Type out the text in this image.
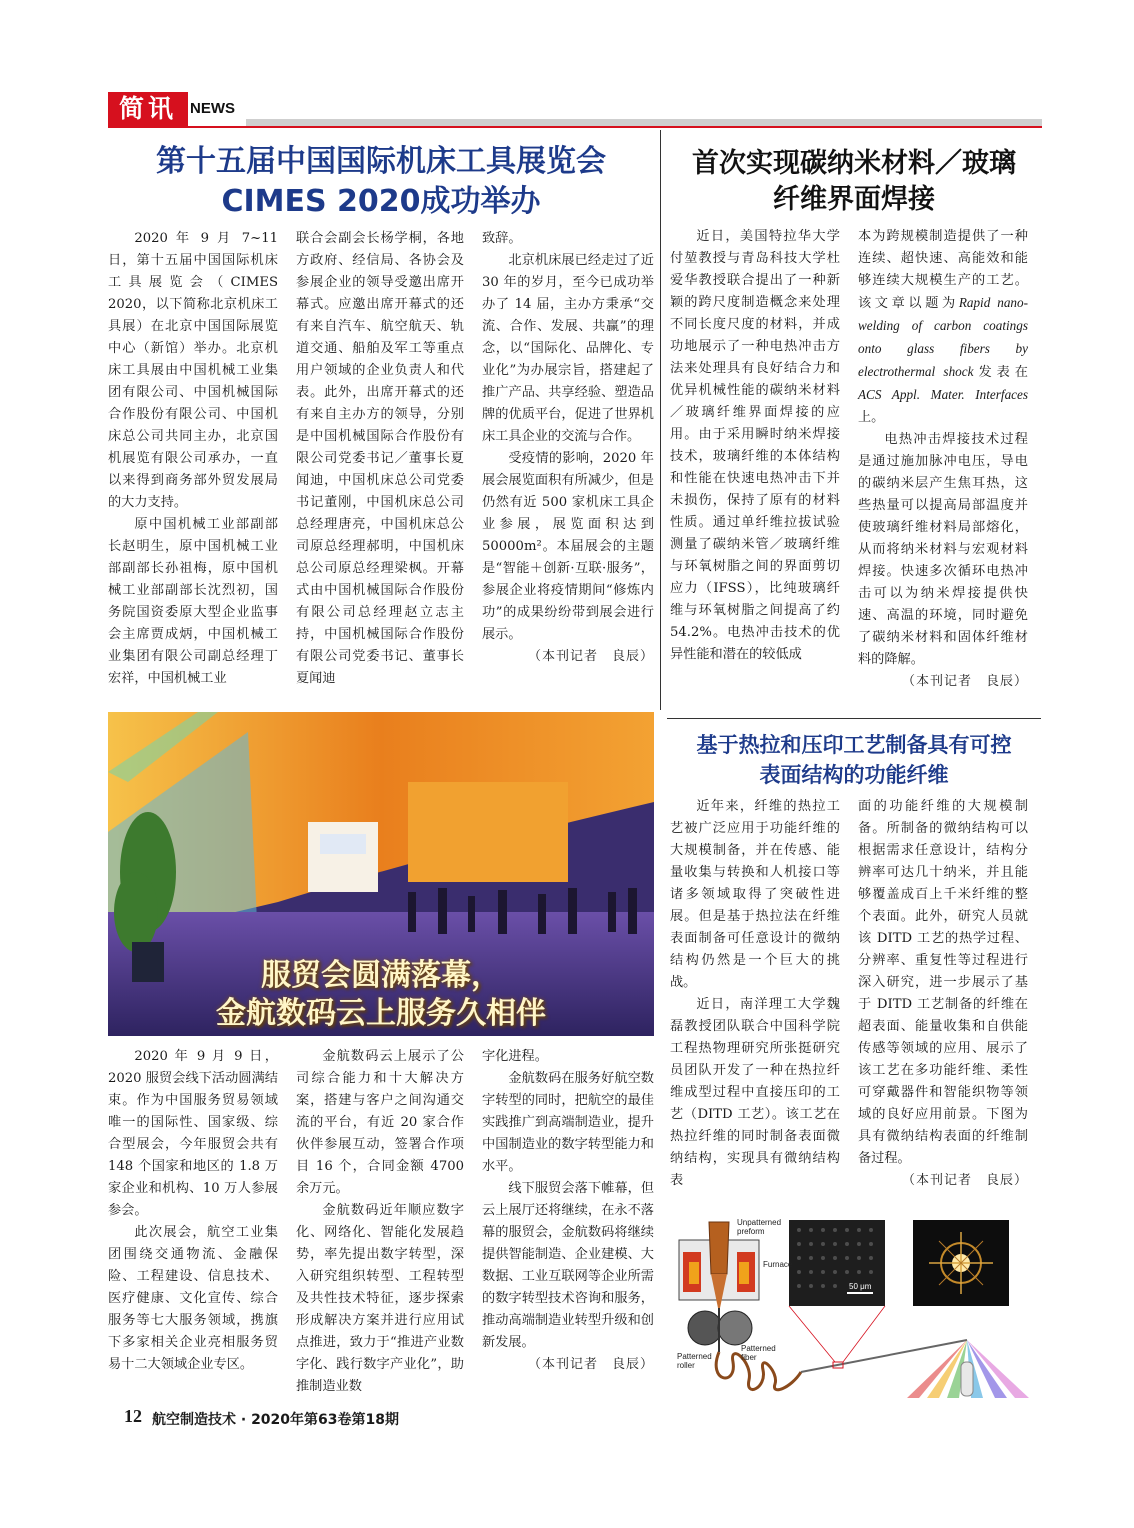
简讯 NEWS
第十五届中国国际机床工具展览会
CIMES 2020成功举办

2020 年 9 月 7~11 日，第十五届中国国际机床工具展览会（CIMES 2020，以下简称北京机床工具展）在北京中国国际展览中心（新馆）举办。北京机床工具展由中国机械工业集团有限公司、中国机械国际合作股份有限公司、中国机床总公司共同主办，北京国机展览有限公司承办，一直以来得到商务部外贸发展局的大力支持。

原中国机械工业部副部长赵明生，原中国机械工业部副部长孙祖梅，原中国机械工业部副部长沈烈初，国务院国资委原大型企业监事会主席贾成炳，中国机械工业集团有限公司副总经理丁宏祥，中国机械工业

联合会副会长杨学桐，各地方政府、经信局、各协会及参展企业的领导受邀出席开幕式。应邀出席开幕式的还有来自汽车、航空航天、轨道交通、船舶及军工等重点用户领域的企业负责人和代表。此外，出席开幕式的还有来自主办方的领导，分别是中国机械国际合作股份有限公司党委书记／董事长夏闻迪，中国机床总公司党委书记董刚，中国机床总公司总经理唐亮，中国机床总公司原总经理郝明，中国机床总公司原总经理梁枫。开幕式由中国机械国际合作股份有限公司总经理赵立志主持，中国机械国际合作股份有限公司党委书记、董事长夏闻迪

致辞。

北京机床展已经走过了近 30 年的岁月，至今已成功举办了 14 届，主办方秉承“交流、合作、发展、共赢”的理念，以“国际化、品牌化、专业化”为办展宗旨，搭建起了推广产品、共享经验、塑造品牌的优质平台，促进了世界机床工具企业的交流与合作。

受疫情的影响，2020 年展会展览面积有所减少，但是仍然有近 500 家机床工具企业参展，展览面积达到 50000m²。本届展会的主题是“智能＋创新·互联·服务”，参展企业将疫情期间“修炼内功”的成果纷纷带到展会进行展示。

（本刊记者　良辰）
首次实现碳纳米材料／玻璃
纤维界面焊接

近日，美国特拉华大学付堃教授与青岛科技大学杜爱华教授联合提出了一种新颖的跨尺度制造概念来处理不同长度尺度的材料，并成功地展示了一种电热冲击方法来处理具有良好结合力和优异机械性能的碳纳米材料／玻璃纤维界面焊接的应用。由于采用瞬时纳米焊接技术，玻璃纤维的本体结构和性能在快速电热冲击下并未损伤，保持了原有的材料性质。通过单纤维拉拔试验测量了碳纳米管／玻璃纤维与环氧树脂之间的界面剪切应力（IFSS），比纯玻璃纤维与环氧树脂之间提高了约 54.2%。电热冲击技术的优异性能和潜在的较低成

本为跨规模制造提供了一种连续、超快速、高能效和能够连续大规模生产的工艺。该文章以题为Rapid nano-welding of carbon coatings onto glass fibers by electrothermal shock发表在ACS Appl. Mater. Interfaces上。

电热冲击焊接技术过程是通过施加脉冲电压，导电的碳纳米层产生焦耳热，这些热量可以提高局部温度并使玻璃纤维材料局部熔化，从而将纳米材料与宏观材料焊接。快速多次循环电热冲击可以为纳米焊接提供快速、高温的环境，同时避免了碳纳米材料和固体纤维材料的降解。

（本刊记者　良辰）
基于热拉和压印工艺制备具有可控
表面结构的功能纤维

近年来，纤维的热拉工艺被广泛应用于功能纤维的大规模制备，并在传感、能量收集与转换和人机接口等诸多领域取得了突破性进展。但是基于热拉法在纤维表面制备可任意设计的微纳结构仍然是一个巨大的挑战。

近日，南洋理工大学魏磊教授团队联合中国科学院工程热物理研究所张挺研究员团队开发了一种在热拉纤维成型过程中直接压印的工艺（DITD 工艺）。该工艺在热拉纤维的同时制备表面微纳结构，实现具有微纳结构表

面的功能纤维的大规模制备。所制备的微纳结构可以根据需求任意设计，结构分辨率可达几十纳米，并且能够覆盖成百上千米纤维的整个表面。此外，研究人员就该 DITD 工艺的热学过程、分辨率、重复性等过程进行深入研究，进一步展示了基于 DITD 工艺制备的纤维在超表面、能量收集和自供能传感等领域的应用、展示了该工艺在多功能纤维、柔性可穿戴器件和智能织物等领域的良好应用前景。下图为具有微纳结构表面的纤维制备过程。

（本刊记者　良辰）
Unpatterned preform
Furnace
Patterned roller
Patterned fiber
50 μm
服贸会圆满落幕，
金航数码云上服务久相伴

2020 年 9 月 9 日，2020 服贸会线下活动圆满结束。作为中国服务贸易领域唯一的国际性、国家级、综合型展会，今年服贸会共有 148 个国家和地区的 1.8 万家企业和机构、10 万人参展参会。

此次展会，航空工业集团围绕交通物流、金融保险、工程建设、信息技术、医疗健康、文化宣传、综合服务等七大服务领域，携旗下多家相关企业亮相服务贸易十二大领域企业专区。

金航数码云上展示了公司综合能力和十大解决方案，搭建与客户之间沟通交流的平台，有近 20 家合作伙伴参展互动，签署合作项目 16 个，合同金额 4700 余万元。

金航数码近年顺应数字化、网络化、智能化发展趋势，率先提出数字转型，深入研究组织转型、工程转型及共性技术特征，逐步探索形成解决方案并进行应用试点推进，致力于“推进产业数字化、践行数字产业化”，助推制造业数

字化进程。

金航数码在服务好航空数字转型的同时，把航空的最佳实践推广到高端制造业，提升中国制造业的数字转型能力和水平。

线下服贸会落下帷幕，但云上展厅还将继续，在永不落幕的服贸会，金航数码将继续提供智能制造、企业建模、大数据、工业互联网等企业所需的数字转型技术咨询和服务，推动高端制造业转型升级和创新发展。

（本刊记者　良辰）
12 航空制造技术 · 2020年第63卷第18期
